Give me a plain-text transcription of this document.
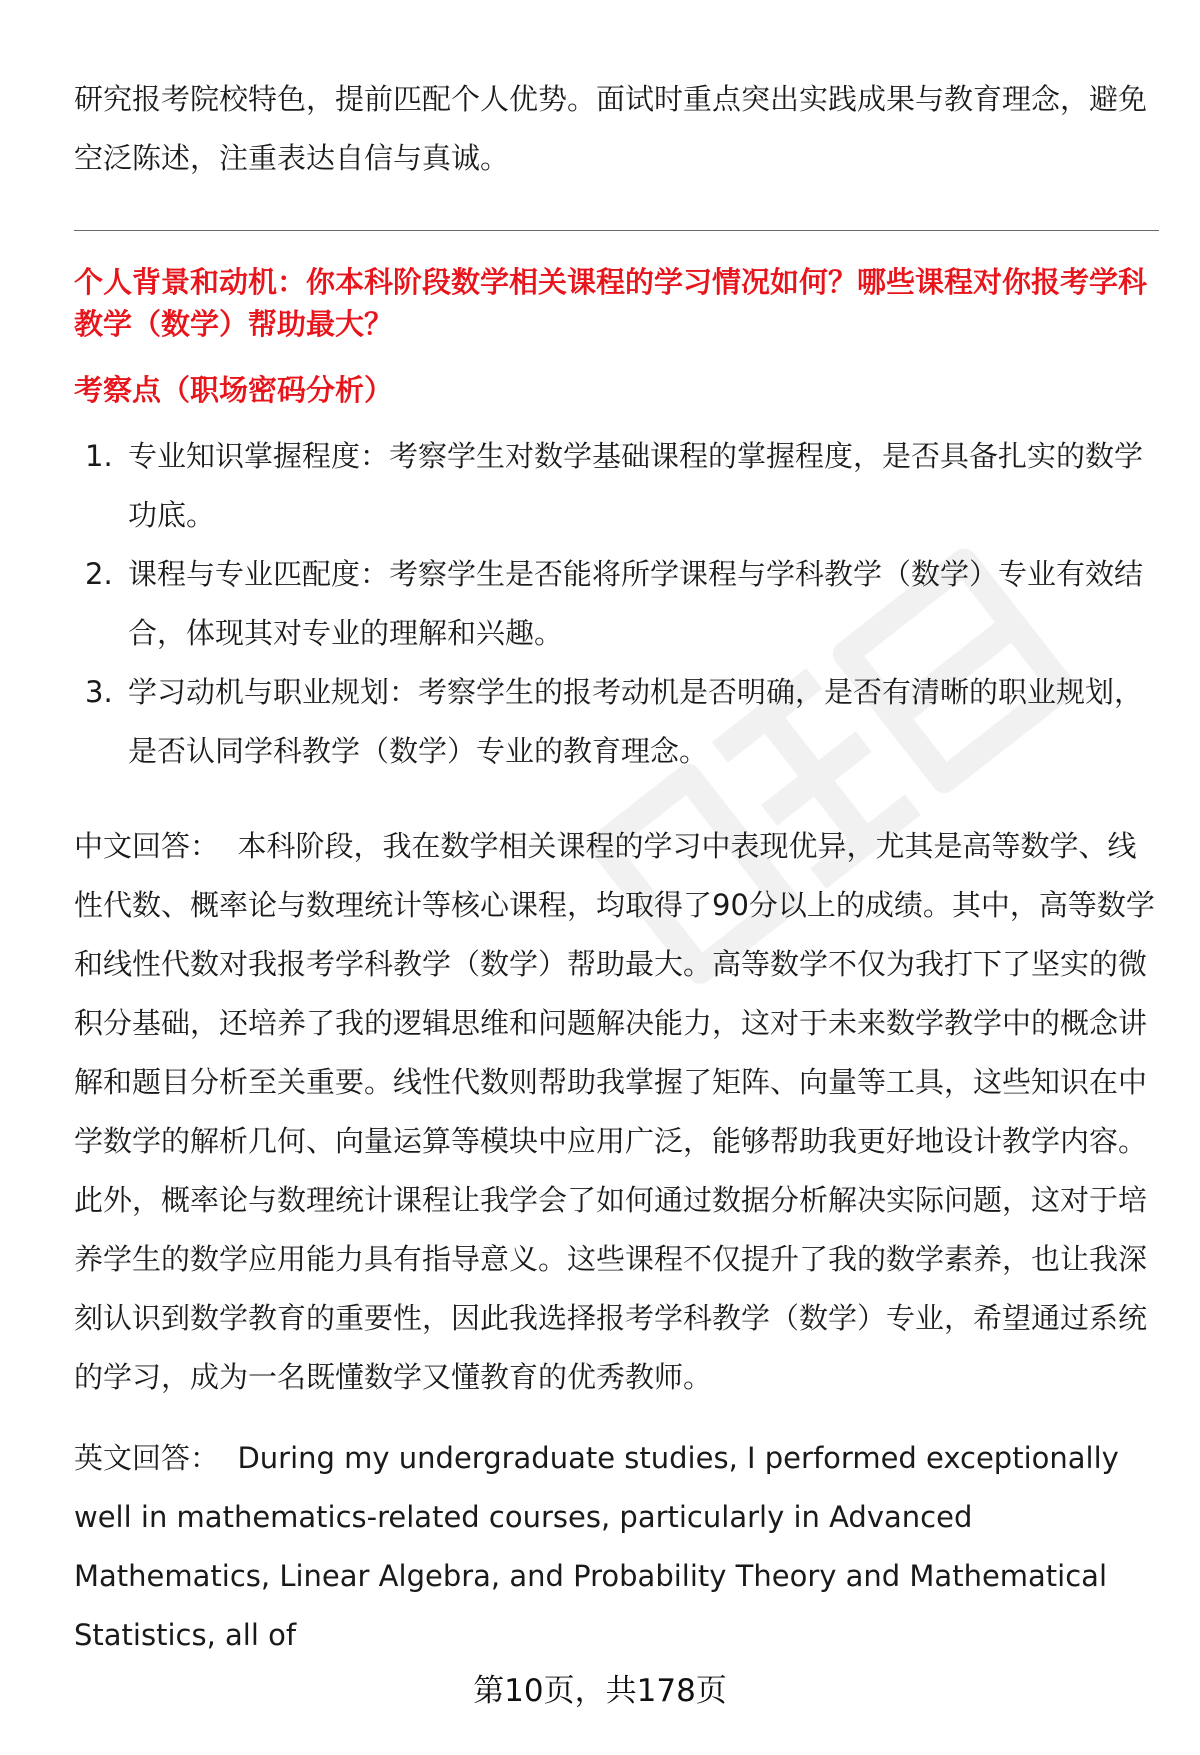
研究报考院校特色，提前匹配个人优势。面试时重点突出实践成果与教育理念，避免空泛陈述，注重表达自信与真诚。

个人背景和动机：你本科阶段数学相关课程的学习情况如何？哪些课程对你报考学科教学（数学）帮助最大？

考察点（职场密码分析）

1. 专业知识掌握程度：考察学生对数学基础课程的掌握程度，是否具备扎实的数学功底。
2. 课程与专业匹配度：考察学生是否能将所学课程与学科教学（数学）专业有效结合，体现其对专业的理解和兴趣。
3. 学习动机与职业规划：考察学生的报考动机是否明确，是否有清晰的职业规划，是否认同学科教学（数学）专业的教育理念。

中文回答： 本科阶段，我在数学相关课程的学习中表现优异，尤其是高等数学、线性代数、概率论与数理统计等核心课程，均取得了90分以上的成绩。其中，高等数学和线性代数对我报考学科教学（数学）帮助最大。高等数学不仅为我打下了坚实的微积分基础，还培养了我的逻辑思维和问题解决能力，这对于未来数学教学中的概念讲解和题目分析至关重要。线性代数则帮助我掌握了矩阵、向量等工具，这些知识在中学数学的解析几何、向量运算等模块中应用广泛，能够帮助我更好地设计教学内容。此外，概率论与数理统计课程让我学会了如何通过数据分析解决实际问题，这对于培养学生的数学应用能力具有指导意义。这些课程不仅提升了我的数学素养，也让我深刻认识到数学教育的重要性，因此我选择报考学科教学（数学）专业，希望通过系统的学习，成为一名既懂数学又懂教育的优秀教师。

英文回答： During my undergraduate studies, I performed exceptionally well in mathematics-related courses, particularly in Advanced Mathematics, Linear Algebra, and Probability Theory and Mathematical Statistics, all of

第10页，共178页
